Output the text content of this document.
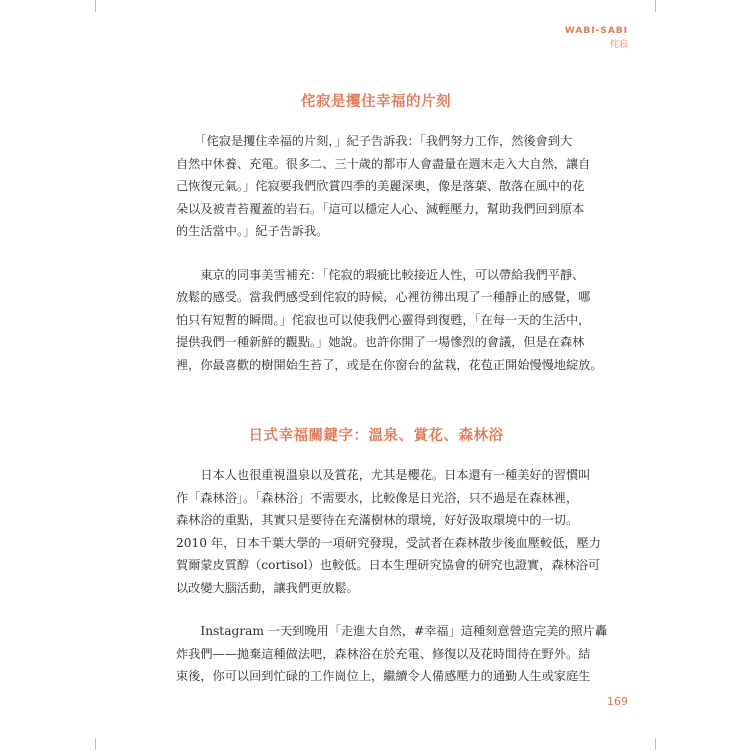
WABI-SABI
侘寂
侘寂是攫住幸福的片刻

　　「侘寂是攫住幸福的片刻，」紀子告訴我：「我們努力工作，然後會到大
自然中休養、充電。很多二、三十歲的都市人會盡量在週末走入大自然，讓自
己恢復元氣。」侘寂要我們欣賞四季的美麗深奧，像是落葉、散落在風中的花
朵以及被青苔覆蓋的岩石。「這可以穩定人心、減輕壓力，幫助我們回到原本
的生活當中。」紀子告訴我。

　　東京的同事美雪補充：「侘寂的瑕疵比較接近人性，可以帶給我們平靜、
放鬆的感受。當我們感受到侘寂的時候，心裡彷彿出現了一種靜止的感覺，哪
怕只有短暫的瞬間。」侘寂也可以使我們心靈得到復甦，「在每一天的生活中，
提供我們一種新鮮的觀點。」她說。也許你開了一場慘烈的會議，但是在森林
裡，你最喜歡的樹開始生苔了，或是在你窗台的盆栽，花苞正開始慢慢地綻放。

日式幸福關鍵字：溫泉、賞花、森林浴

　　日本人也很重視溫泉以及賞花，尤其是櫻花。日本還有一種美好的習慣叫
作「森林浴」。「森林浴」不需要水，比較像是日光浴，只不過是在森林裡，
森林浴的重點，其實只是要待在充滿樹林的環境，好好汲取環境中的一切。
2010 年，日本千葉大學的一項研究發現，受試者在森林散步後血壓較低，壓力
賀爾蒙皮質醇（cortisol）也較低。日本生理研究協會的研究也證實，森林浴可
以改變大腦活動，讓我們更放鬆。

　　Instagram 一天到晚用「走進大自然，#幸福」這種刻意營造完美的照片轟
炸我們——拋棄這種做法吧，森林浴在於充電、修復以及花時間待在野外。結
束後，你可以回到忙碌的工作崗位上，繼續令人備感壓力的通勤人生或家庭生

169
